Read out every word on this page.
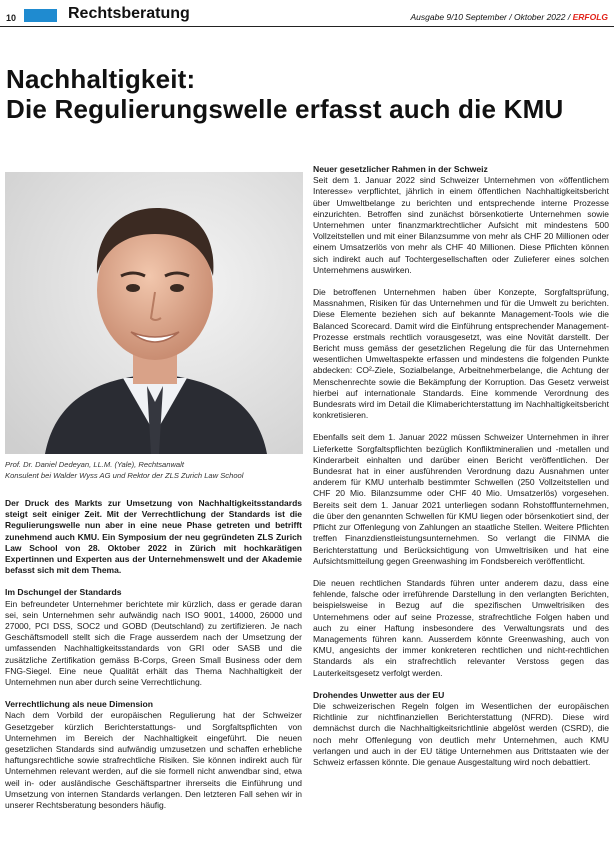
10	Rechtsberatung	Ausgabe 9/10 September / Oktober 2022 / ERFOLG
Nachhaltigkeit:
Die Regulierungswelle erfasst auch die KMU
Prof. Dr. Daniel Dedeyan, LL.M. (Yale), Rechtsanwalt
Konsulent bei Walder Wyss AG und Rektor der ZLS Zurich Law School

Der Druck des Markts zur Umsetzung von Nachhaltigkeitsstandards steigt seit einiger Zeit. Mit der Verrechtlichung der Standards ist die Regulierungswelle nun aber in eine neue Phase getreten und betrifft zunehmend auch KMU. Ein Symposium der neu gegründeten ZLS Zurich Law School von 28. Oktober 2022 in Zürich mit hochkarätigen Expertinnen und Experten aus der Unternehmenswelt und der Akademie befasst sich mit dem Thema.

Im Dschungel der Standards

Ein befreundeter Unternehmer berichtete mir kürzlich, dass er gerade daran sei, sein Unternehmen sehr aufwändig nach ISO 9001, 14000, 26000 und 27000, PCI DSS, SOC2 und GOBD (Deutschland) zu zertifizieren. Je nach Geschäftsmodell stellt sich die Frage ausserdem nach der Umsetzung der umfassenden Nachhaltigkeitsstandards von GRI oder SASB und die zusätzliche Zertifikation gemäss B-Corps, Green Small Business oder dem FNG-Siegel. Eine neue Qualität erhält das Thema Nachhaltigkeit der Unternehmen nun aber durch seine Verrechtlichung.

Verrechtlichung als neue Dimension

Nach dem Vorbild der europäischen Regulierung hat der Schweizer Gesetzgeber kürzlich Berichterstattungs- und Sorgfaltspflichten von Unternehmen im Bereich der Nachhaltigkeit eingeführt. Die neuen gesetzlichen Standards sind aufwändig umzusetzen und schaffen erhebliche haftungsrechtliche sowie strafrechtliche Risiken. Sie können indirekt auch für Unternehmen relevant werden, auf die sie formell nicht anwendbar sind, etwa weil in- oder ausländische Geschäftspartner ihrerseits die Einführung und Umsetzung von internen Standards verlangen. Den letzteren Fall sehen wir in unserer Rechtsberatung besonders häufig.

Neuer gesetzlicher Rahmen in der Schweiz

Seit dem 1. Januar 2022 sind Schweizer Unternehmen von «öffentlichem Interesse» verpflichtet, jährlich in einem öffentlichen Nachhaltigkeitsbericht über Umweltbelange zu berichten und entsprechende interne Prozesse einzurichten. Betroffen sind zunächst börsenkotierte Unternehmen sowie Unternehmen unter finanzmarktrechtlicher Aufsicht mit mindestens 500 Vollzeitstellen und mit einer Bilanzsumme von mehr als CHF 20 Millionen oder einem Umsatzerlös von mehr als CHF 40 Millionen. Diese Pflichten können sich indirekt auch auf Tochtergesellschaften oder Zulieferer eines solchen Unternehmens auswirken.

Die betroffenen Unternehmen haben über Konzepte, Sorgfaltsprüfung, Massnahmen, Risiken für das Unternehmen und für die Umwelt zu berichten. Diese Elemente beziehen sich auf bekannte Management-Tools wie die Balanced Scorecard. Damit wird die Einführung entsprechender Management-Prozesse erstmals rechtlich vorausgesetzt, was eine Novität darstellt. Der Bericht muss gemäss der gesetzlichen Regelung die für das Unternehmen wesentlichen Umweltaspekte erfassen und mindestens die folgenden Punkte abdecken: CO²-Ziele, Sozialbelange, Arbeitnehmerbelange, die Achtung der Menschenrechte sowie die Bekämpfung der Korruption. Das Gesetz verweist hierbei auf internationale Standards. Eine kommende Verordnung des Bundesrats wird im Detail die Klimaberichterstattung im Nachhaltigkeitsbericht konkretisieren.

Ebenfalls seit dem 1. Januar 2022 müssen Schweizer Unternehmen in ihrer Lieferkette Sorgfaltspflichten bezüglich Konfliktmineralien und -metallen und Kinderarbeit einhalten und darüber einen Bericht veröffentlichen. Der Bundesrat hat in einer ausführenden Verordnung dazu Ausnahmen unter anderem für KMU unterhalb bestimmter Schwellen (250 Vollzeitstellen und CHF 20 Mio. Bilanzsumme oder CHF 40 Mio. Umsatzerlös) vorgesehen. Bereits seit dem 1. Januar 2021 unterliegen sodann Rohstofffunternehmen, die über den genannten Schwellen für KMU liegen oder börsenkotiert sind, der Pflicht zur Offenlegung von Zahlungen an staatliche Stellen. Weitere Pflichten treffen Finanzdienstleistungsunternehmen. So verlangt die FINMA die Berichterstattung und Berücksichtigung von Umweltrisiken und hat eine Aufsichtsmitteilung gegen Greenwashing im Fondsbereich veröffentlicht.

Die neuen rechtlichen Standards führen unter anderem dazu, dass eine fehlende, falsche oder irreführende Darstellung in den verlangten Berichten, beispielsweise in Bezug auf die spezifischen Umweltrisiken des Unternehmens oder auf seine Prozesse, strafrechtliche Folgen haben und auch zu einer Haftung insbesondere des Verwaltungsrats und des Managements führen kann. Ausserdem könnte Greenwashing, auch von KMU, angesichts der immer konkreteren rechtlichen und nicht-rechtlichen Standards als ein strafrechtlich relevanter Verstoss gegen das Lauterkeitsgesetz verfolgt werden.

Drohendes Unwetter aus der EU

Die schweizerischen Regeln folgen im Wesentlichen der europäischen Richtlinie zur nichtfinanziellen Berichterstattung (NFRD). Diese wird demnächst durch die Nachhaltigkeitsrichtlinie abgelöst werden (CSRD), die noch mehr Offenlegung von deutlich mehr Unternehmen, auch KMU verlangen und auch in der EU tätige Unternehmen aus Drittstaaten wie der Schweiz erfassen könnte. Die genaue Ausgestaltung wird noch debattiert.
